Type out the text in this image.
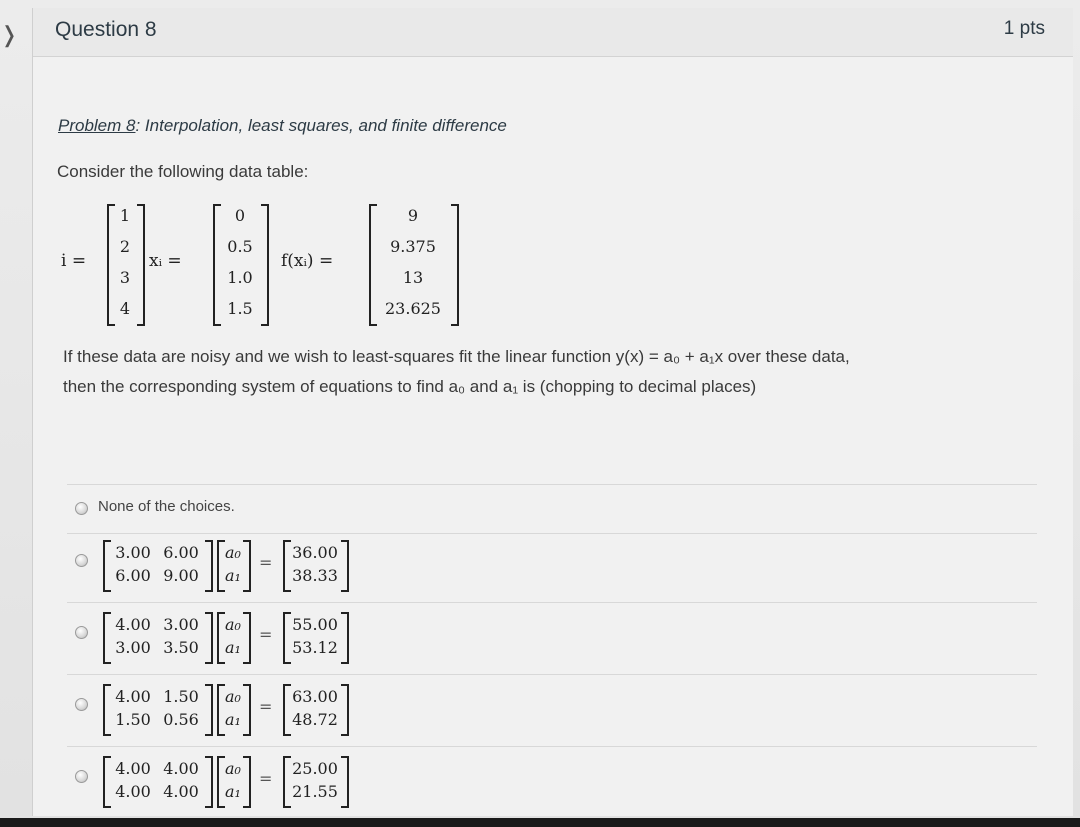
❭ Question 8	1 pts
Problem 8: Interpolation, least squares, and finite difference
Consider the following data table:
i =
1
2
3
4
xᵢ =
0
0.5
1.0
1.5
f(xᵢ) =
9
9.375
13
23.625
If these data are noisy and we wish to least-squares fit the linear function y(x) = a₀ + a₁x over these data,
then the corresponding system of equations to find a₀ and a₁ is (chopping to decimal places)
None of the choices.
3.00 6.00
6.00 9.00
a₀
a₁
=
36.00
38.33
4.00 3.00
3.00 3.50
a₀
a₁
=
55.00
53.12
4.00 1.50
1.50 0.56
a₀
a₁
=
63.00
48.72
4.00 4.00
4.00 4.00
a₀
a₁
=
25.00
21.55
